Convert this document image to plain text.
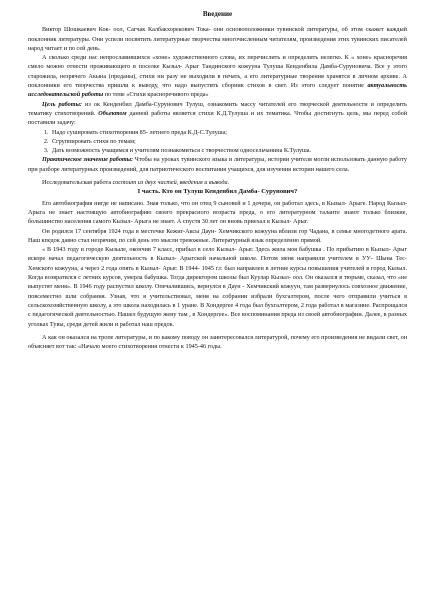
Введение

Виктор Шошкаевич Кок- оол, Сагчак Калбакхорекович Тока- они основоположники тувинской литературы, об этом скажет каждый поклонник литературы. Они успели посвятить литературные творчества многочисленным читателям, произведения этих тувинских писателей народ читает и по сей день.

А сколько среди нас непрославившихся «хоне» художественного слова, их перечислить и определить нелегко. К « хоне» красноречия смело можно отнести проживающего в поселке Кызыл- Арыг Тандинского кожууна Тулуша Кенденбила Дамба-Суруновича. Все у этого старожила, незрячего Акына (преданы), стихи ни разу не выходили в печать, а его литературные творения хранятся в личном архиве. А поклонники его творчества пришли к выводу, что надо выпустить сборник стихов в свет. Из этого следует понятие актуальность исследовательской работы по теме «Стихи красноречивого преда»

Цель работы: из ок Кенденбил Дамба-Сурунович Тулуш, ознакомить массу читателей его творческой деятельности и определить тематику стихотворений. Объектом данной работы является стихи К.Д.Тулуша и их тематика. Чтобы достигнуть цель, мы перед собой поставили задачу:

1. Надо сушировать стихотворения 85- летнего преда К.Д-С.Тулуша;
2. Сгруппировать стихи по темам;
3. Дать возможность учащимся и учителям познакомиться с творчеством односельчанина К.Тулуша.

Практическое значение работы: Чтобы на уроках тувинского языка и литературы, истории учителя могли использовать данную работу при разборе литературных произведений, для патриотического воспитания учащихся, для изучения истории нашего села.

Исследовательская работа состоит из двух частей, введения и вывода.

I часть. Кто он Тулуш Кенденбил Дамба- Сурунович?

Его автобиография нигде не написано. Зная только, что он отец 9 сыновей и 1 дочери, он работал здесь, в Кызыл- Арыге. Народ Кызыл- Арыга не знает настоящую автобиографию своего прекрасного возраста преда, о его литературном таланте знают только близкие, большинство населения самого Кызыл- Арыга не знает. А спустя 30 лет он вновь приехал в Кызыл- Арыг.

Он родился 17 сентября 1924 года в местечке Кежиг-Аксы Даун- Хемчикского кожууна вблизи гор Чадана, в семье многодетного арата. Наш кпедок давно стал незрячим, по сей день это мысли тревожные. Литературный язык определенно прямой.

« В 1943 году в городе Кызыле, окончив 7 класс, прибыл в село Кызыл- Арыг. Здесь жила моя бабушка . По прибытию в Кызыл- Арыг вскоре начал педагогическую деятельность в Кызыл- Арыгской начальной школе. Потом меня направили учителем в УУ- Шына Тес- Хемского кожууна, а через 2 года опять в Кызыл- Арыг. В 1944- 1945 г.г. был направлен в летние курсы повышения учителей в город Кызыл. Когда возвратился с летних курсов, умерла бабушка. Тогда директором школы был Куулар Кызыл- оол. Он оказался в тюрьме, сказал, что «не выпустят меня». В 1946 году распустил школу. Опечалившись, вернулся в Даун - Хемчикский кожуун, там развернулось совхозное движение, повсеместно шли собрания. Узнав, что я учительствовал, меня на собрании избрали бухгалтером, после чего отправили учиться в сельскохозяйственную школу, а это школа находилась в 1 уране. В Хондергее 4 года был бухгалтером, 2 года работал в магазине. Распрощался с педагогической деятельностью. Нашел будущую жену там , в Хондергее». Все воспоминания преда из своей автобиографии. Далее, в разных уголках Тувы, среди детей жили и работал наш предок.

А как он оказался на тропе литературы, и по какому поводу он заинтересовался литературой, почему его произведения не видали свет, он объясняет вот так: «Начало моего стихотворения отнести к 1945-46 годы.
